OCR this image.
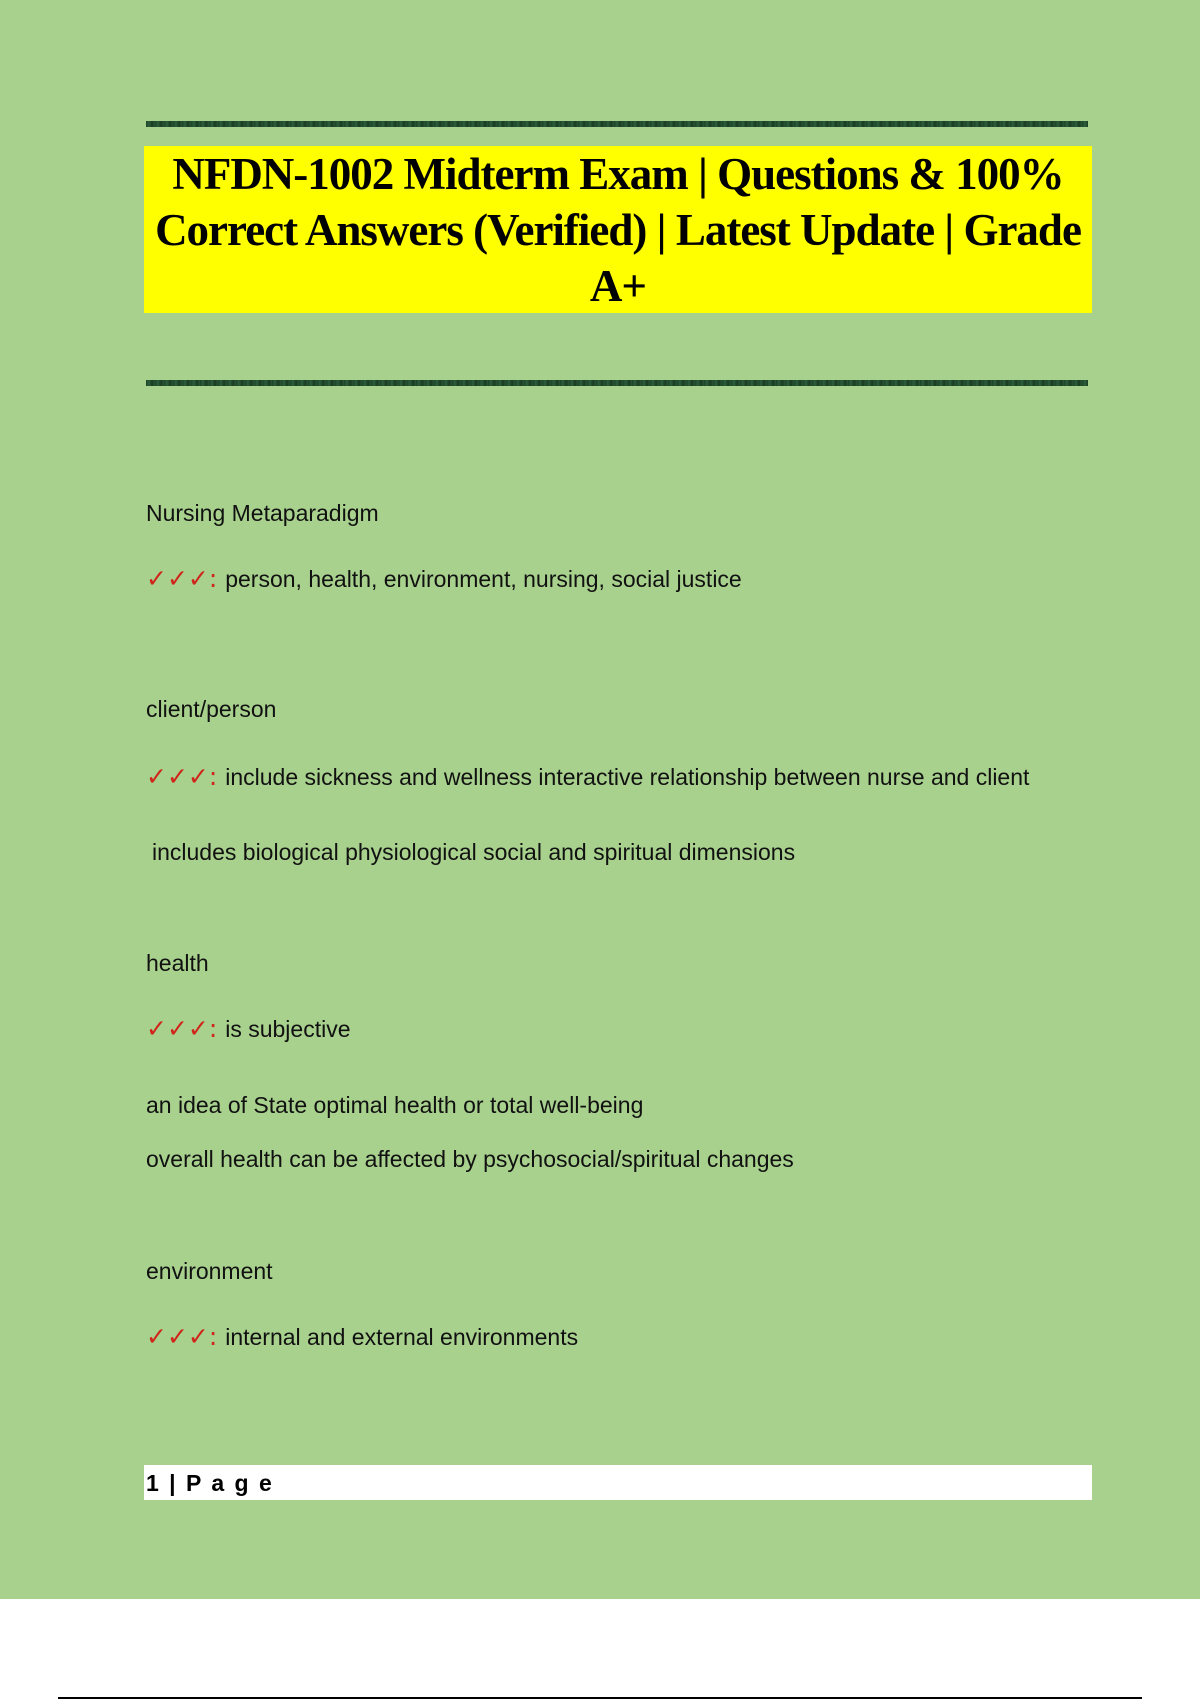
NFDN-1002 Midterm Exam | Questions & 100% Correct Answers (Verified) | Latest Update | Grade A+
Nursing Metaparadigm
✓✓✓: person, health, environment, nursing, social justice
client/person
✓✓✓: include sickness and wellness interactive relationship between nurse and client
includes biological physiological social and spiritual dimensions
health
✓✓✓: is subjective
an idea of State optimal health or total well-being
overall health can be affected by psychosocial/spiritual changes
environment
✓✓✓: internal and external environments
1 | P a g e
